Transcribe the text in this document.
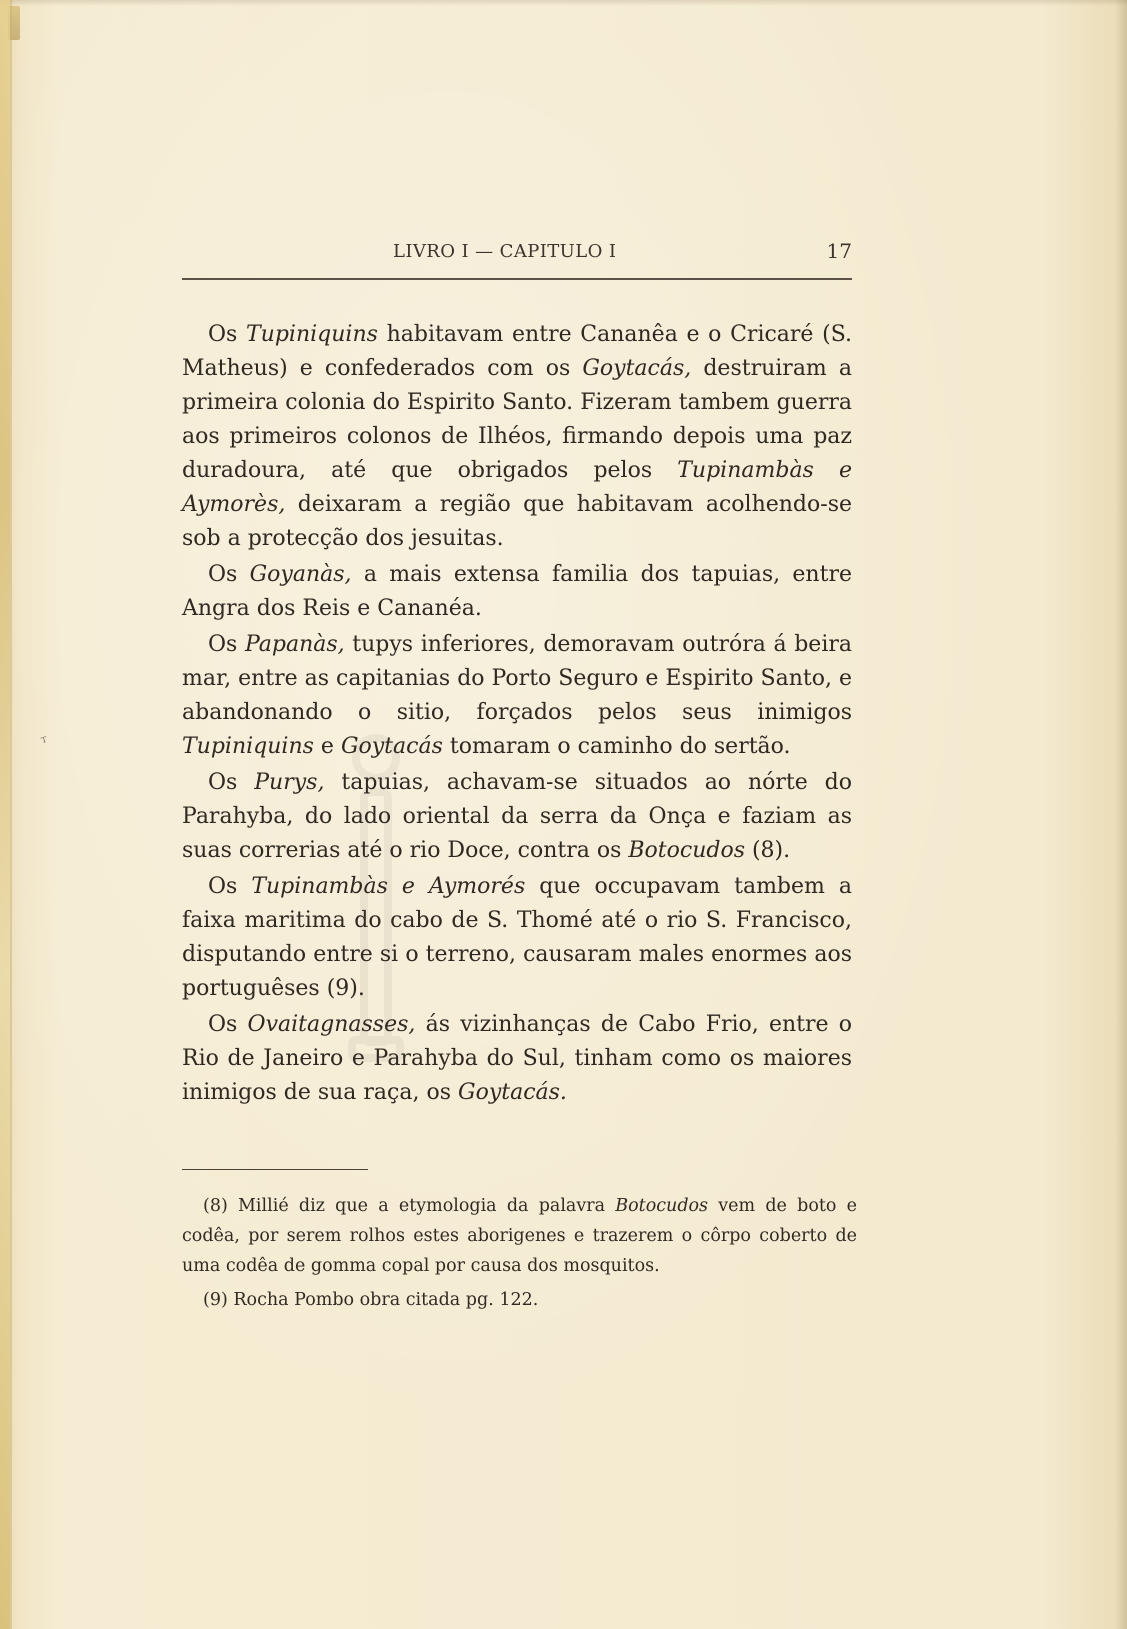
ᵀ
LIVRO I — CAPITULO I	17

Os Tupiniquins habitavam entre Cananêa e o Cricaré (S. Matheus) e confederados com os Goytacás, destruiram a primeira colonia do Espirito Santo. Fizeram tambem guerra aos primeiros colonos de Ilhéos, firmando depois uma paz duradoura, até que obrigados pelos Tupinambàs e Aymorès, deixaram a região que habitavam acolhendo-se sob a protecção dos jesuitas.

Os Goyanàs, a mais extensa familia dos tapuias, entre Angra dos Reis e Cananéa.

Os Papanàs, tupys inferiores, demoravam outróra á beira mar, entre as capitanias do Porto Seguro e Espirito Santo, e abandonando o sitio, forçados pelos seus inimigos Tupiniquins e Goytacás tomaram o caminho do sertão.

Os Purys, tapuias, achavam-se situados ao nórte do Parahyba, do lado oriental da serra da Onça e faziam as suas correrias até o rio Doce, contra os Botocudos (8).

Os Tupinambàs e Aymorés que occupavam tambem a faixa maritima do cabo de S. Thomé até o rio S. Francisco, disputando entre si o terreno, causaram males enormes aos portuguêses (9).

Os Ovaitagnasses, ás vizinhanças de Cabo Frio, entre o Rio de Janeiro e Parahyba do Sul, tinham como os maiores inimigos de sua raça, os Goytacás.

(8) Millié diz que a etymologia da palavra Botocudos vem de boto e codêa, por serem rolhos estes aborigenes e trazerem o côrpo coberto de uma codêa de gomma copal por causa dos mosquitos.

(9) Rocha Pombo obra citada pg. 122.
